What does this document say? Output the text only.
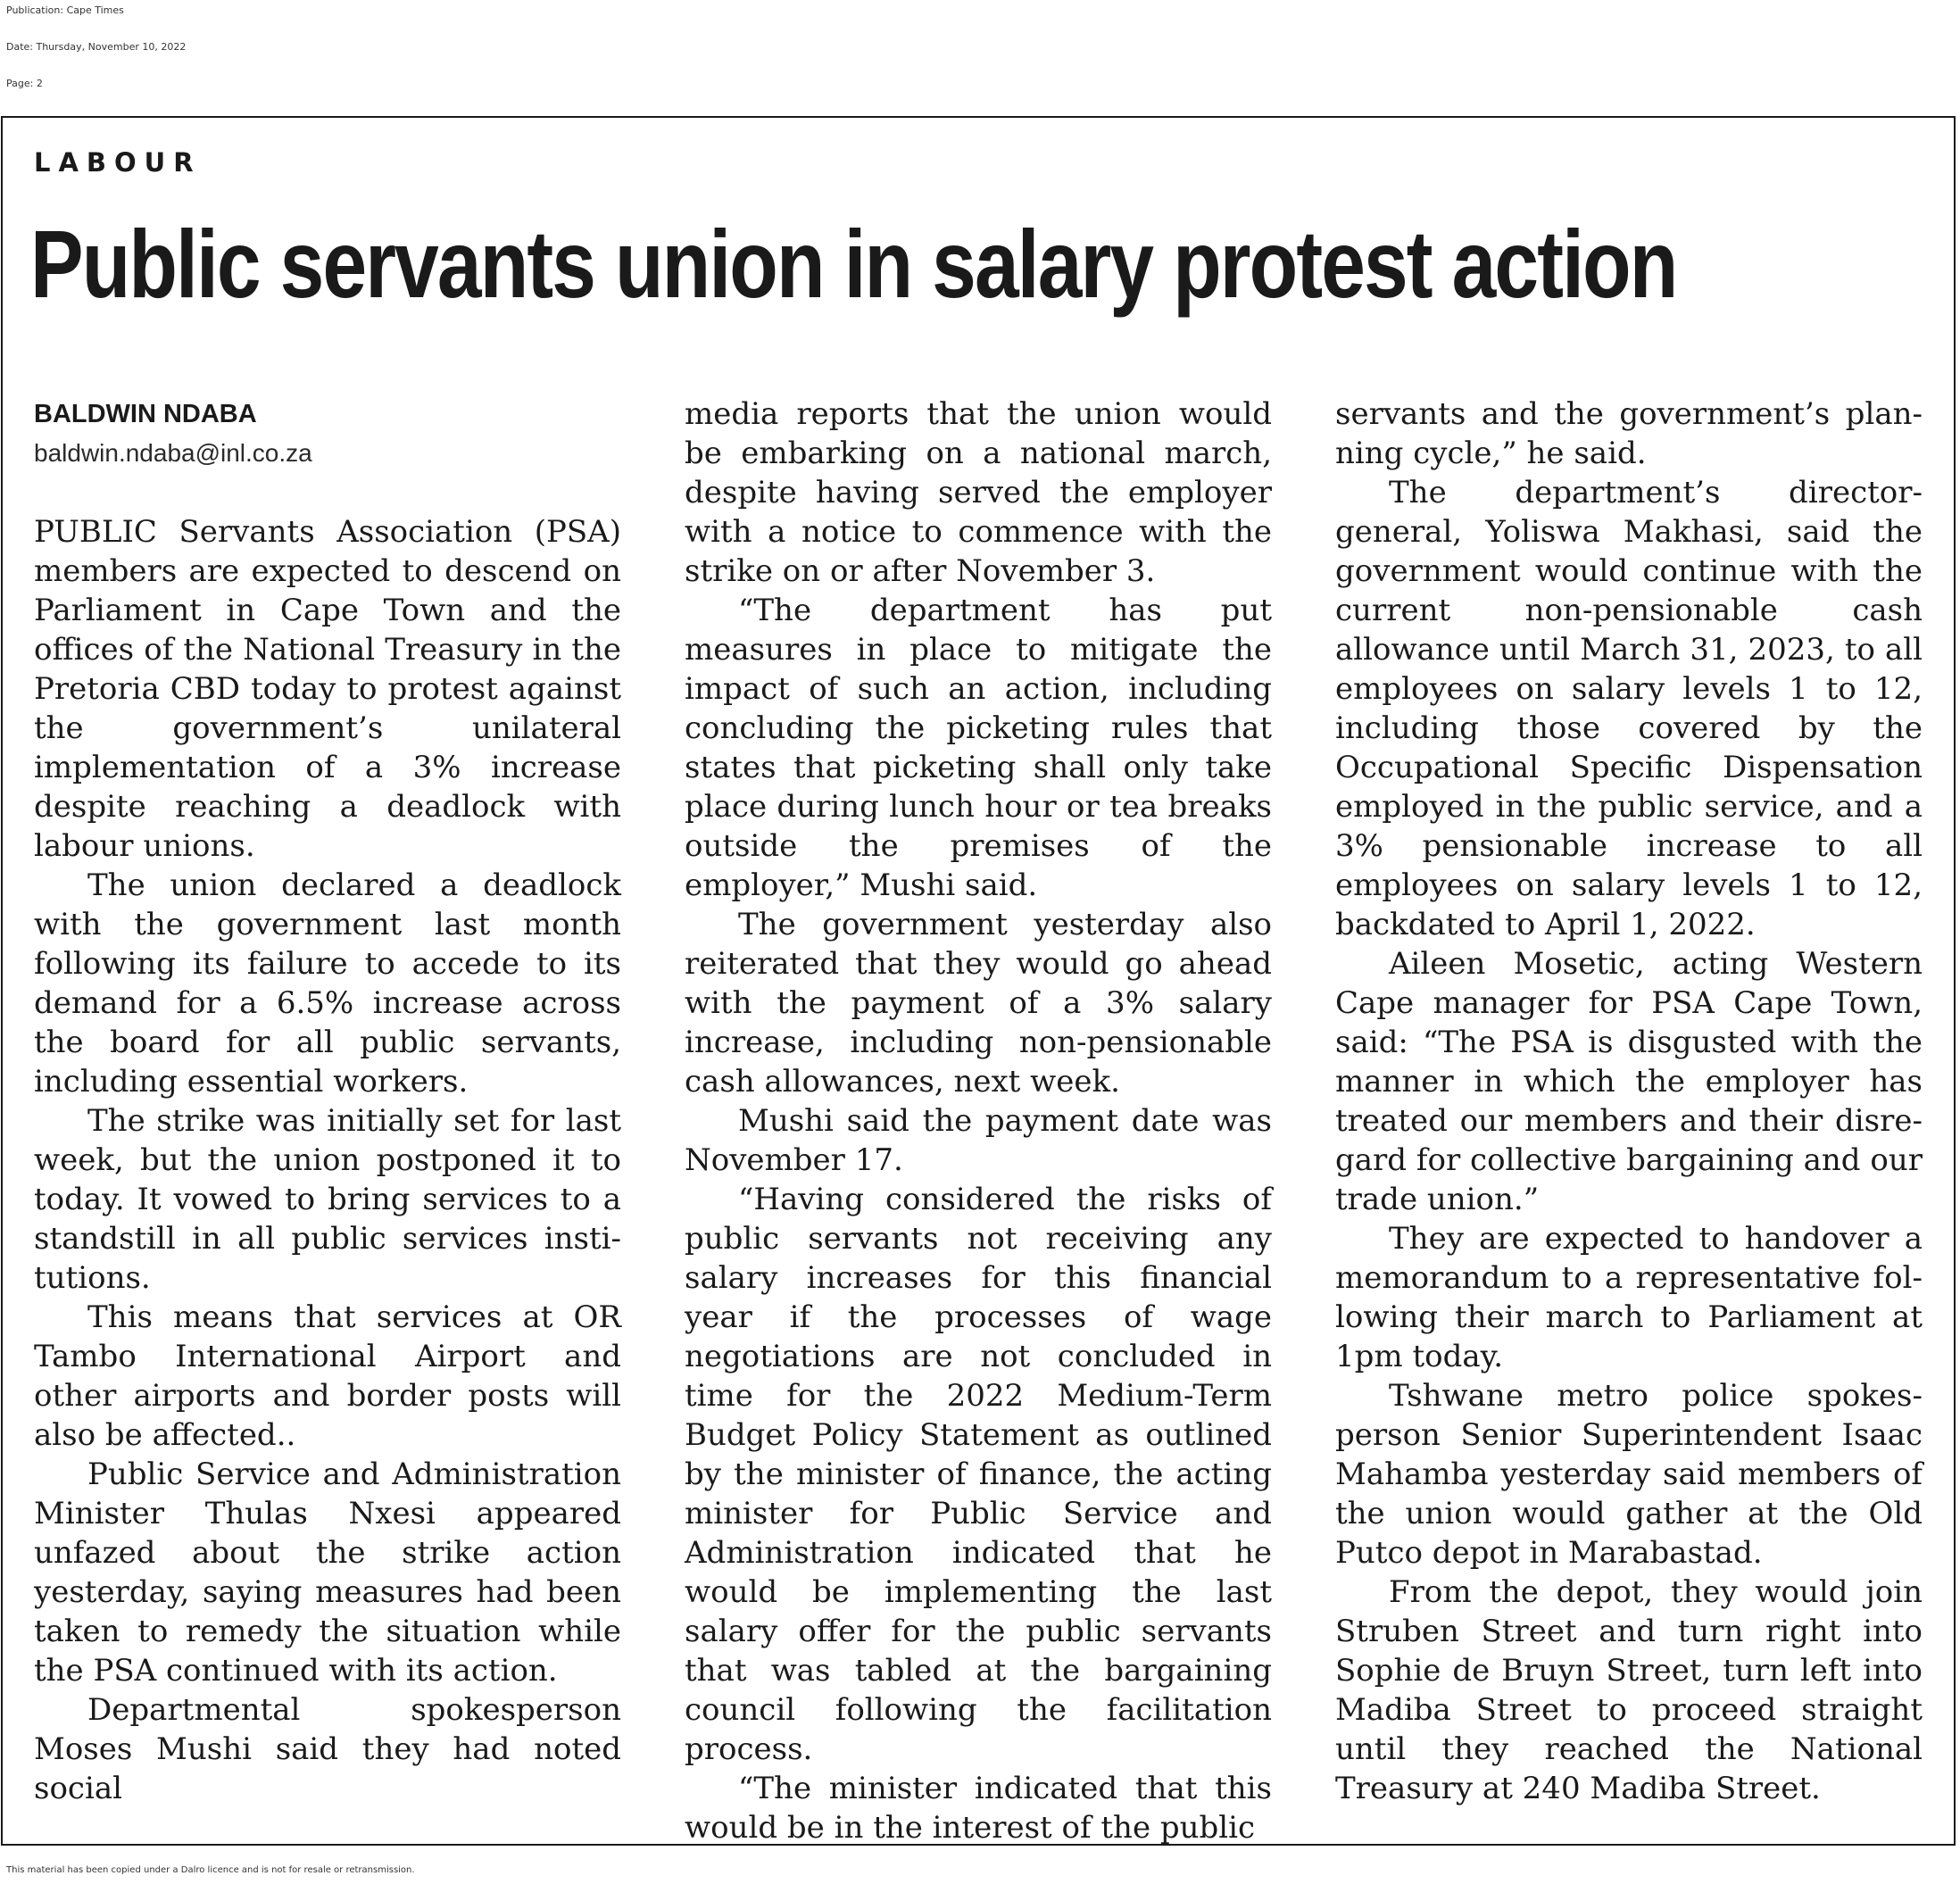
Publication: Cape Times
Date: Thursday, November 10, 2022
Page: 2
LABOUR
Public servants union in salary protest action
BALDWIN NDABA
baldwin.ndaba@inl.co.za

PUBLIC Servants Association (PSA) members are expected to descend on Parliament in Cape Town and the offices of the National Treasury in the Pretoria CBD today to protest against the government’s unilateral implementation of a 3% increase despite reaching a deadlock with labour unions.

The union declared a deadlock with the government last month following its failure to accede to its demand for a 6.5% increase across the board for all public servants, including essential workers.

The strike was initially set for last week, but the union postponed it to today. It vowed to bring services to a standstill in all public services institutions.

This means that services at OR Tambo International Airport and other airports and border posts will also be affected..

Public Service and Administration Minister Thulas Nxesi appeared unfazed about the strike action yesterday, saying measures had been taken to remedy the situation while the PSA continued with its action.

Departmental spokesperson Moses Mushi said they had noted social

media reports that the union would be embarking on a national march, despite having served the employer with a notice to commence with the strike on or after November 3.

“The department has put measures in place to mitigate the impact of such an action, including concluding the picketing rules that states that picketing shall only take place during lunch hour or tea breaks outside the premises of the employer,” Mushi said.

The government yesterday also reiterated that they would go ahead with the payment of a 3% salary increase, including non-pensionable cash allowances, next week.

Mushi said the payment date was November 17.

“Having considered the risks of public servants not receiving any salary increases for this financial year if the processes of wage negotiations are not concluded in time for the 2022 Medium-Term Budget Policy Statement as outlined by the minister of finance, the acting minister for Public Service and Administration indicated that he would be implementing the last salary offer for the public servants that was tabled at the bargaining council following the facilitation process.

“The minister indicated that this would be in the interest of the public

servants and the government’s planning cycle,” he said.

The department’s director-general, Yoliswa Makhasi, said the government would continue with the current non-pensionable cash allowance until March 31, 2023, to all employees on salary levels 1 to 12, including those covered by the Occupational Specific Dispensation employed in the public service, and a 3% pensionable increase to all employees on salary levels 1 to 12, backdated to April 1, 2022.

Aileen Mosetic, acting Western Cape manager for PSA Cape Town, said: “The PSA is disgusted with the manner in which the employer has treated our members and their disregard for collective bargaining and our trade union.”

They are expected to handover a memorandum to a representative following their march to Parliament at 1pm today.

Tshwane metro police spokesperson Senior Superintendent Isaac Mahamba yesterday said members of the union would gather at the Old Putco depot in Marabastad.

From the depot, they would join Struben Street and turn right into Sophie de Bruyn Street, turn left into Madiba Street to proceed straight until they reached the National Treasury at 240 Madiba Street.

This material has been copied under a Dalro licence and is not for resale or retransmission.
